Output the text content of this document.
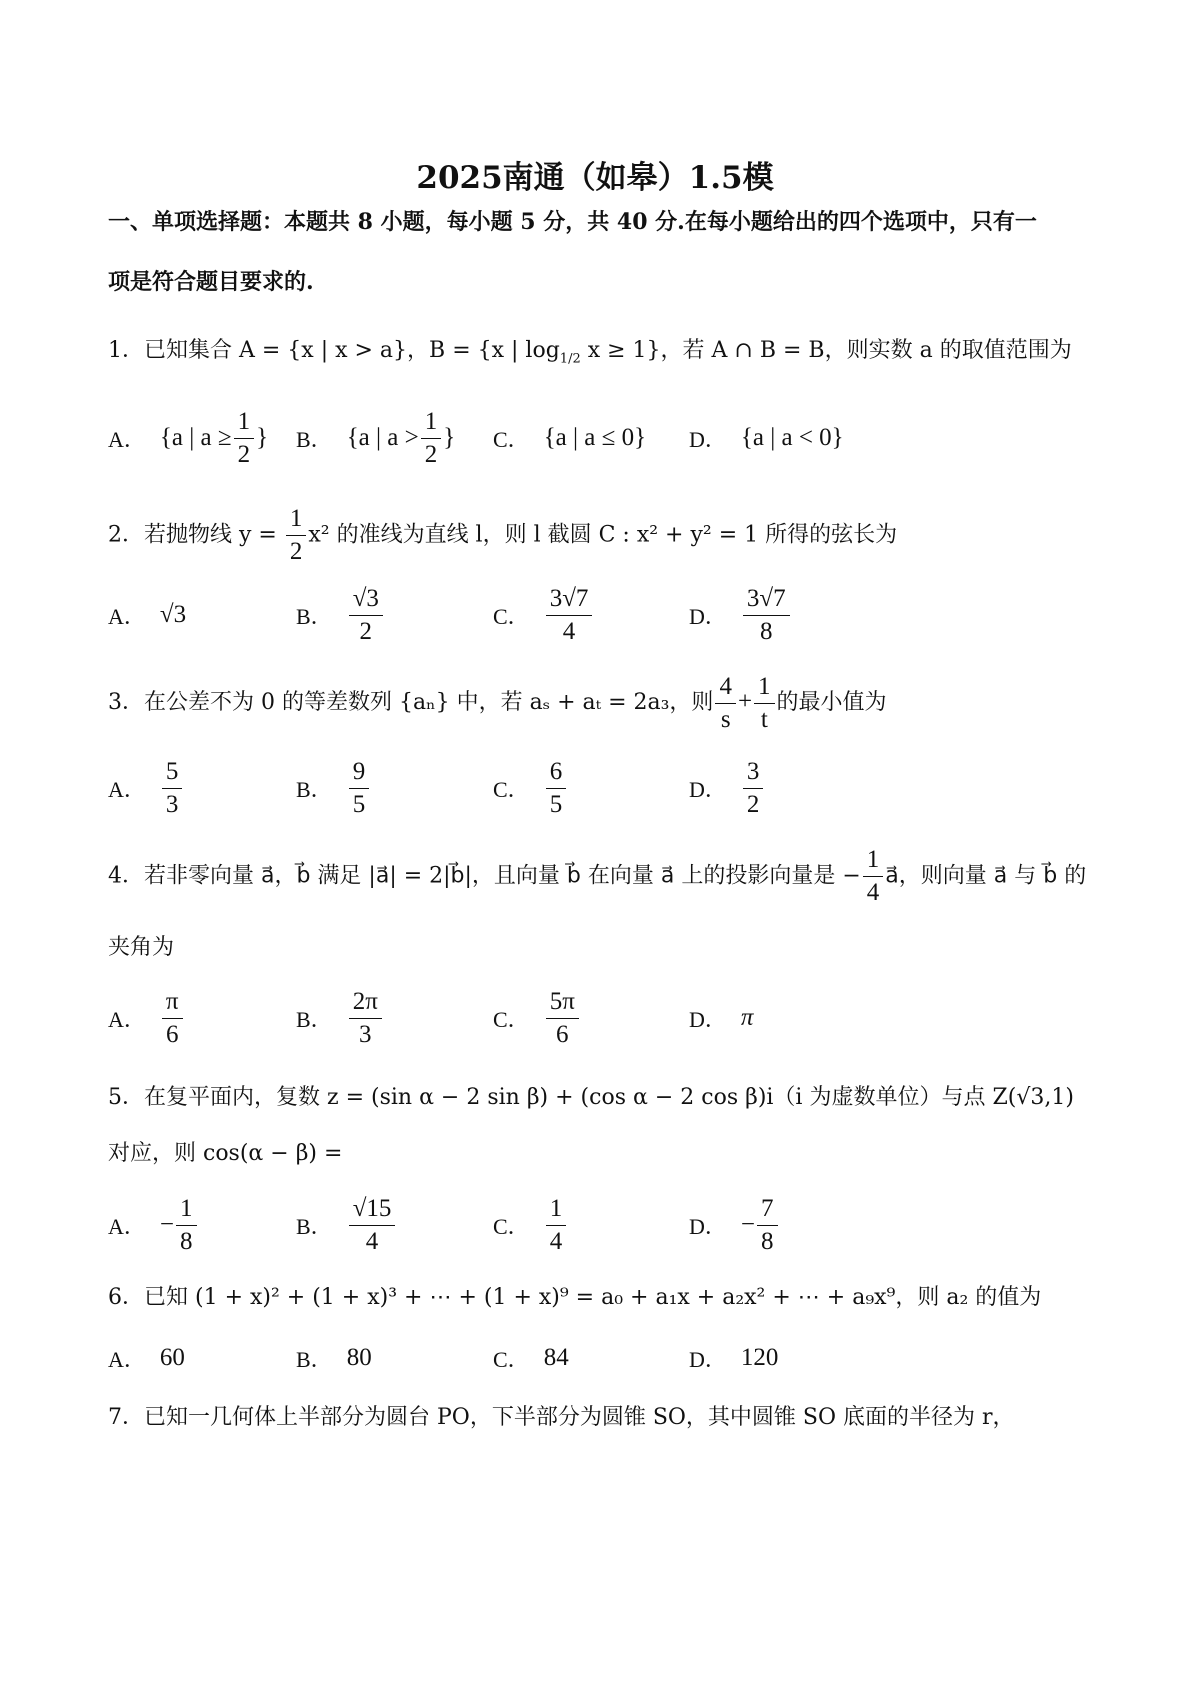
2025南通（如皋）1.5模
一、单项选择题：本题共 8 小题，每小题 5 分，共 40 分.在每小题给出的四个选项中，只有一
项是符合题目要求的.
1．已知集合 A = {x | x > a}，B = {x | $\log_{1/2} x \ge 1$}，若 A ∩ B = B，则实数 a 的取值范围为
A． {a | $a \ge \frac{1}{2}$ } B． {a | $a > \frac{1}{2}$ } C． {a | a ≤ 0} D． {a | a < 0}
2．若抛物线 $y = \frac{1}{2} x^2$ 的准线为直线 l，则 l 截圆 C : x² + y² = 1 所得的弦长为
A． √3	B． $\frac{√3}{2}$	C． $\frac{3√7}{4}$	D． $\frac{3√7}{8}$
3．在公差不为 0 的等差数列 {aₙ} 中，若 aₛ + aₜ = 2a₃，则 $\frac{4}{s} + \frac{1}{t}$ 的最小值为
A． $\frac{5}{3}$	B． $\frac{9}{5}$	C． $\frac{6}{5}$	D． $\frac{3}{2}$
4．若非零向量 a⃗，b⃗ 满足 |a⃗| = 2|b⃗|，且向量 b⃗ 在向量 a⃗ 上的投影向量是 − $\frac{1}{4}$ a⃗，则向量 a⃗ 与 b⃗ 的
夹角为
A． $\frac{\pi}{6}$	B． $\frac{2\pi}{3}$	C． $\frac{5\pi}{6}$	D． π
5．在复平面内，复数 z = (sin α − 2 sin β) + (cos α − 2 cos β)i（i 为虚数单位）与点 Z(√3,1)
对应，则 cos(α − β) =
A． − $\frac{1}{8}$	B． $\frac{√15}{4}$	C． $\frac{1}{4}$	D． − $\frac{7}{8}$
6．已知 (1 + x)² + (1 + x)³ + ⋯ + (1 + x)⁹ = a₀ + a₁x + a₂x² + ⋯ + a₉x⁹，则 a₂ 的值为
A． 60	B． 80	C． 84	D． 120
7．已知一几何体上半部分为圆台 PO，下半部分为圆锥 SO，其中圆锥 SO 底面的半径为 r，
